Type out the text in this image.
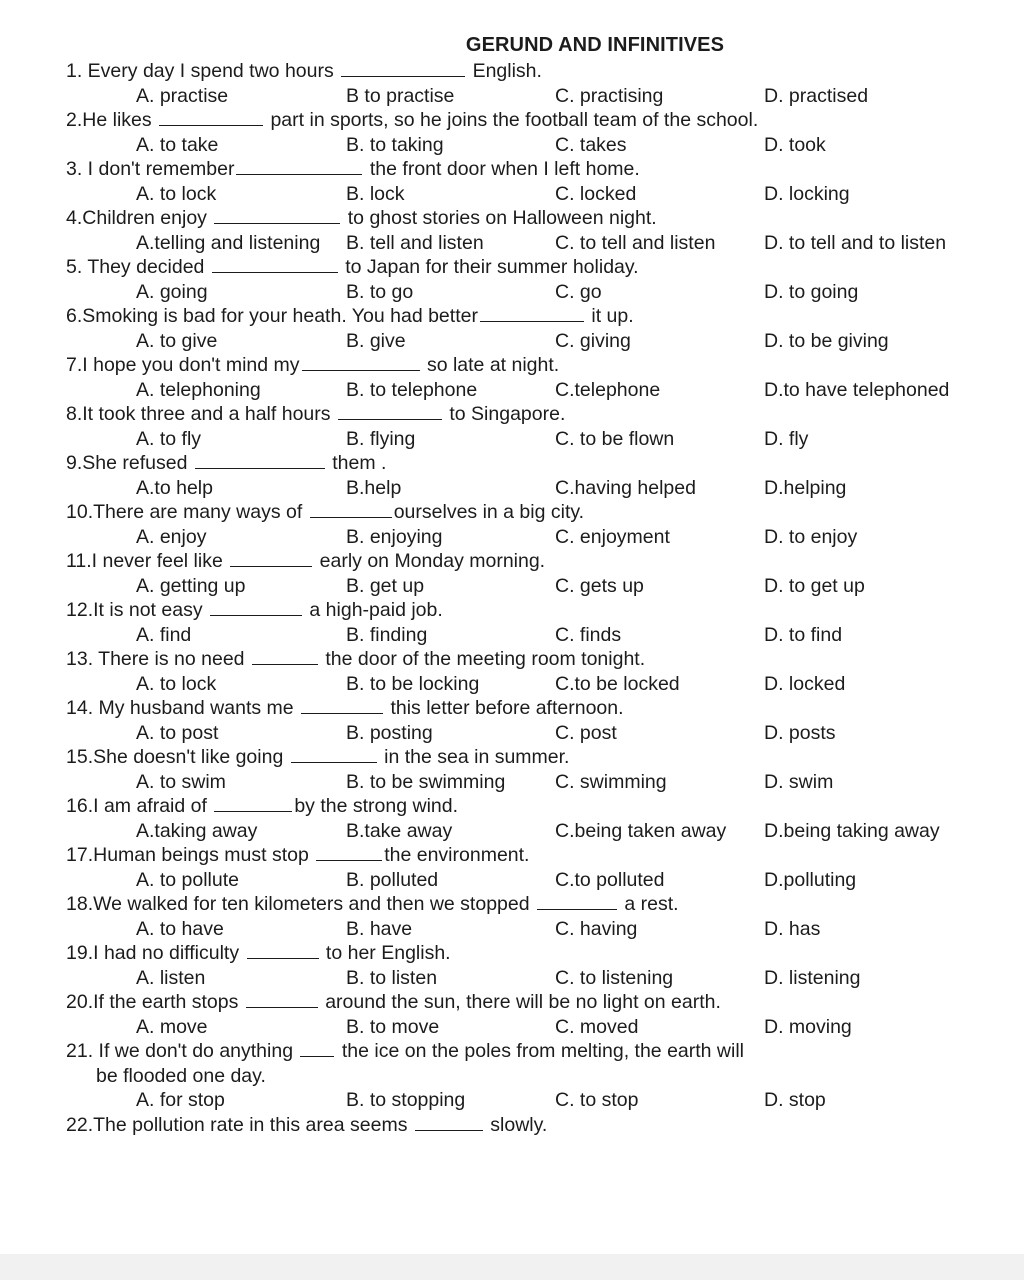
GERUND AND INFINITIVES
1. Every day I spend two hours	English.
A. practise	B to practise	C. practising	D. practised
2.He likes	part in sports, so he joins the football team of the school.
A. to take	B. to taking	C. takes	D. took
3. I don't remember	the front door when I left home.
A. to lock	B. lock	C. locked	D. locking
4.Children enjoy	to ghost stories on Halloween night.
A.telling and listening B. tell and listen	C. to tell and listen D. to tell and to listen
5. They decided	to Japan for their summer holiday.
A. going	B. to go	C. go	D. to going
6.Smoking is bad for your heath. You had better	it up.
A. to give	B. give	C. giving	D. to be giving
7.I hope you don't mind my	so late at night.
A. telephoning	B. to telephone	C.telephone	D.to have telephoned
8.It took three and a half hours	to Singapore.
A. to fly	B. flying	C. to be flown	D. fly
9.She refused	them .
A.to help	B.help	C.having helped	D.helping
10.There are many ways of	ourselves in a big city.
A. enjoy	B. enjoying	C. enjoyment	D. to enjoy
11.I never feel like	early on Monday morning.
A. getting up	B. get up	C. gets up	D. to get up
12.It is not easy	a high-paid job.
A. find	B. finding	C. finds	D. to find
13. There is no need	the door of the meeting room tonight.
A. to lock	B. to be locking	C.to be locked	D. locked
14. My husband wants me	this letter before afternoon.
A. to post	B. posting	C. post	D. posts
15.She doesn't like going	in the sea in summer.
A. to swim	B. to be swimming	C. swimming	D. swim
16.I am afraid of	by the strong wind.
A.taking away	B.take away	C.being taken away D.being taking away
17.Human beings must stop	the environment.
A. to pollute	B. polluted	C.to polluted	D.polluting
18.We walked for ten kilometers and then we stopped	a rest.
A. to have	B. have	C. having	D. has
19.I had no difficulty	to her English.
A. listen	B. to listen	C. to listening	D. listening
20.If the earth stops	around the sun, there will be no light on earth.
A. move	B. to move	C. moved	D. moving
21. If we don't do anything  the ice on the poles from melting, the earth will
be flooded one day.
A. for stop	B. to stopping	C. to stop	D. stop
22.The pollution rate in this area seems	slowly.
